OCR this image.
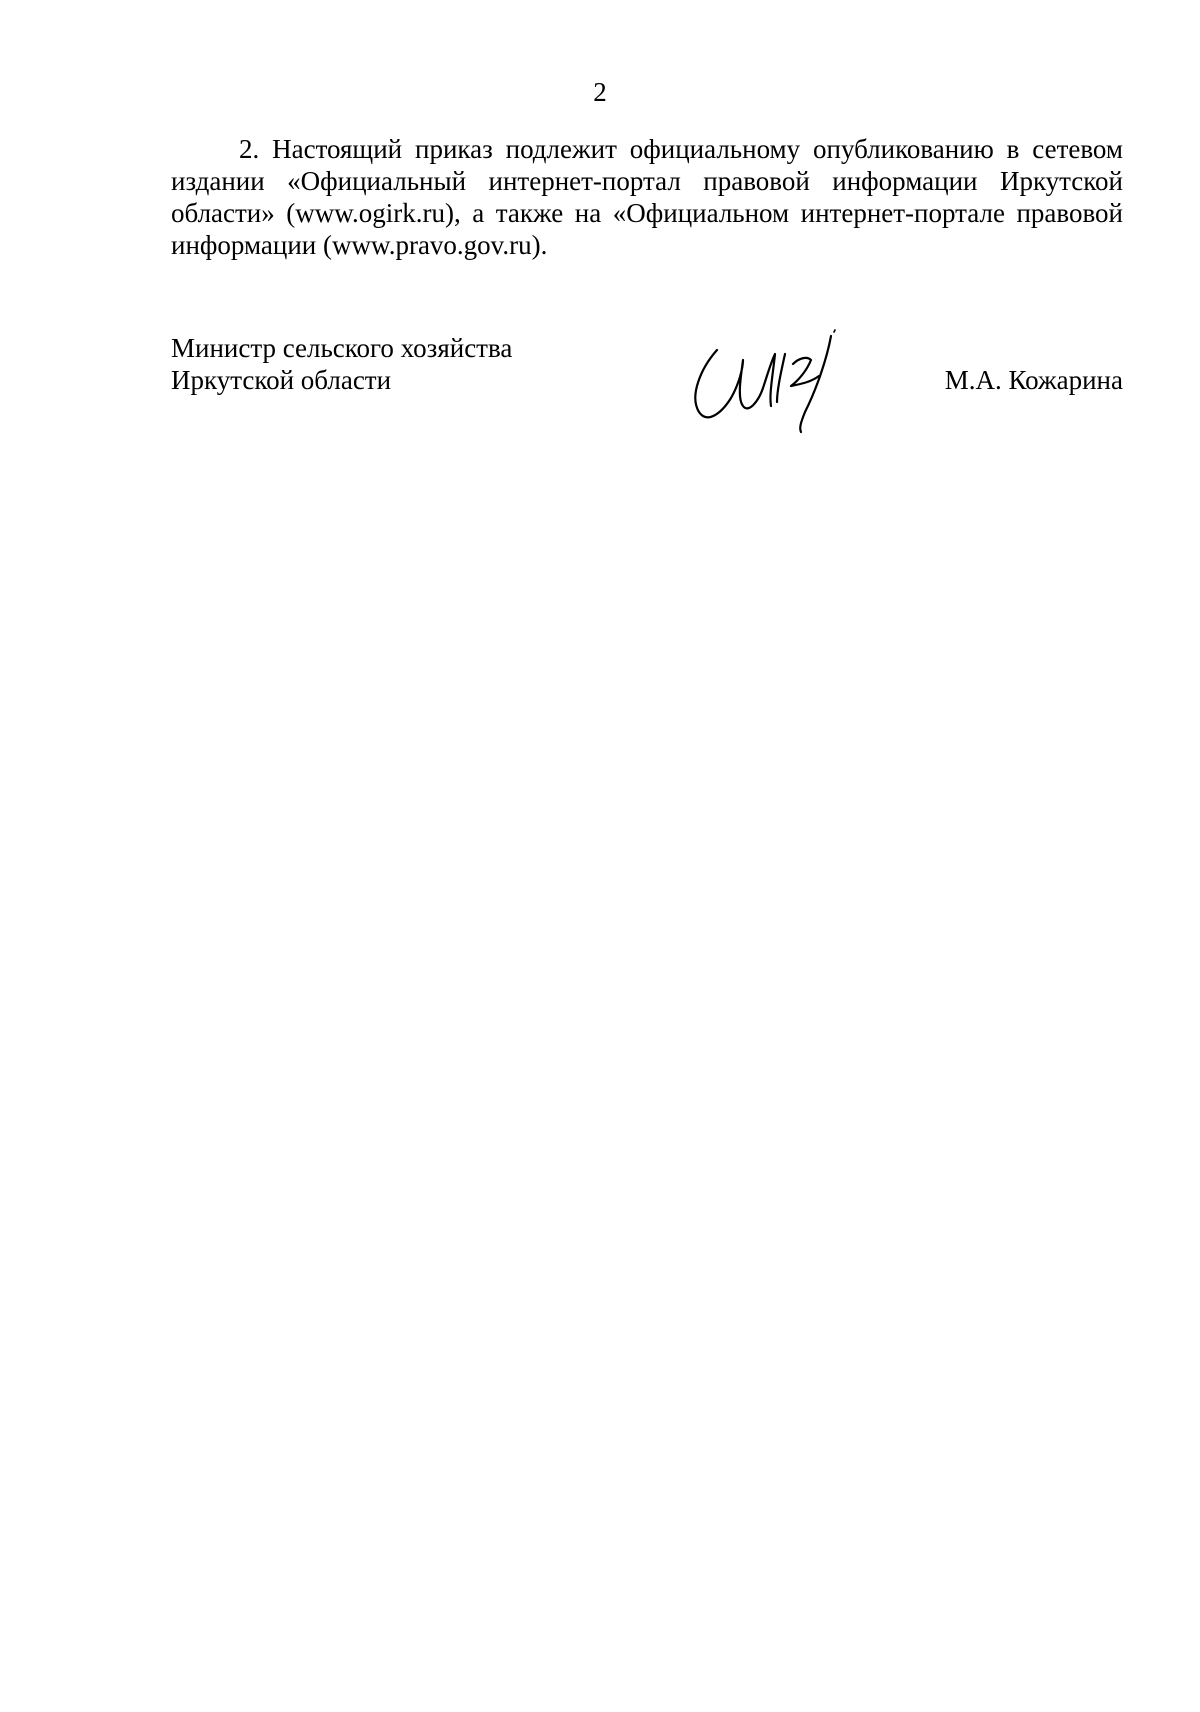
2

2. Настоящий приказ подлежит официальному опубликованию в сетевом издании «Официальный интернет-портал правовой информации Иркутской области» (www.ogirk.ru), а также на «Официальном интернет-портале правовой информации (www.pravo.gov.ru).

Министр сельского хозяйства
Иркутской области	М.А. Кожарина
